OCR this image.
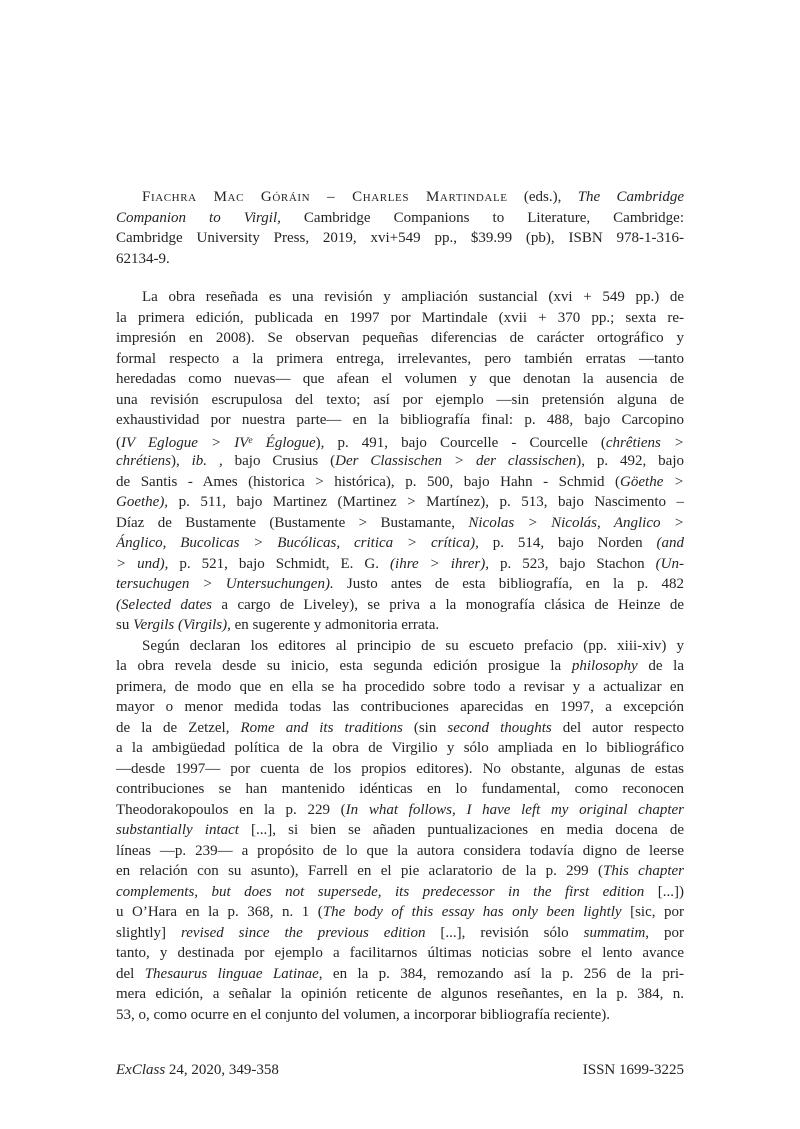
Fiachra Mac Góráin – Charles Martindale (eds.), The Cambridge
Companion to Virgil, Cambridge Companions to Literature, Cambridge:
Cambridge University Press, 2019, xvi+549 pp., $39.99 (pb), ISBN 978-1-316-
62134-9.
La obra reseñada es una revisión y ampliación sustancial (xvi + 549 pp.) de
la primera edición, publicada en 1997 por Martindale (xvii + 370 pp.; sexta re-
impresión en 2008). Se observan pequeñas diferencias de carácter ortográfico y
formal respecto a la primera entrega, irrelevantes, pero también erratas —tanto
heredadas como nuevas— que afean el volumen y que denotan la ausencia de
una revisión escrupulosa del texto; así por ejemplo —sin pretensión alguna de
exhaustividad por nuestra parte— en la bibliografía final: p. 488, bajo Carcopino
(IV Eglogue > $IV^e$ Églogue), p. 491, bajo Courcelle - Courcelle (chrêtiens >
chrétiens), ib. , bajo Crusius (Der Classischen > der classischen), p. 492, bajo
de Santis - Ames (historica > histórica), p. 500, bajo Hahn - Schmid (Göethe >
Goethe), p. 511, bajo Martinez (Martinez > Martínez), p. 513, bajo Nascimento –
Díaz de Bustamente (Bustamente > Bustamante, Nicolas > Nicolás, Anglico >
Ánglico, Bucolicas > Bucólicas, critica > crítica), p. 514, bajo Norden (and
> und), p. 521, bajo Schmidt, E. G. (ihre > ihrer), p. 523, bajo Stachon (Un-
tersuchugen > Untersuchungen). Justo antes de esta bibliografía, en la p. 482
(Selected dates a cargo de Liveley), se priva a la monografía clásica de Heinze de
su Vergils (Virgils), en sugerente y admonitoria errata.
Según declaran los editores al principio de su escueto prefacio (pp. xiii-xiv) y
la obra revela desde su inicio, esta segunda edición prosigue la philosophy de la
primera, de modo que en ella se ha procedido sobre todo a revisar y a actualizar en
mayor o menor medida todas las contribuciones aparecidas en 1997, a excepción
de la de Zetzel, Rome and its traditions (sin second thoughts del autor respecto
a la ambigüedad política de la obra de Virgilio y sólo ampliada en lo bibliográfico
—desde 1997— por cuenta de los propios editores). No obstante, algunas de estas
contribuciones se han mantenido idénticas en lo fundamental, como reconocen
Theodorakopoulos en la p. 229 (In what follows, I have left my original chapter
substantially intact [...], si bien se añaden puntualizaciones en media docena de
líneas —p. 239— a propósito de lo que la autora considera todavía digno de leerse
en relación con su asunto), Farrell en el pie aclaratorio de la p. 299 (This chapter
complements, but does not supersede, its predecessor in the first edition [...])
u O’Hara en la p. 368, n. 1 (The body of this essay has only been lightly [sic, por
slightly] revised since the previous edition [...], revisión sólo summatim, por
tanto, y destinada por ejemplo a facilitarnos últimas noticias sobre el lento avance
del Thesaurus linguae Latinae, en la p. 384, remozando así la p. 256 de la pri-
mera edición, a señalar la opinión reticente de algunos reseñantes, en la p. 384, n.
53, o, como ocurre en el conjunto del volumen, a incorporar bibliografía reciente).
ExClass 24, 2020, 349-358	ISSN 1699-3225
